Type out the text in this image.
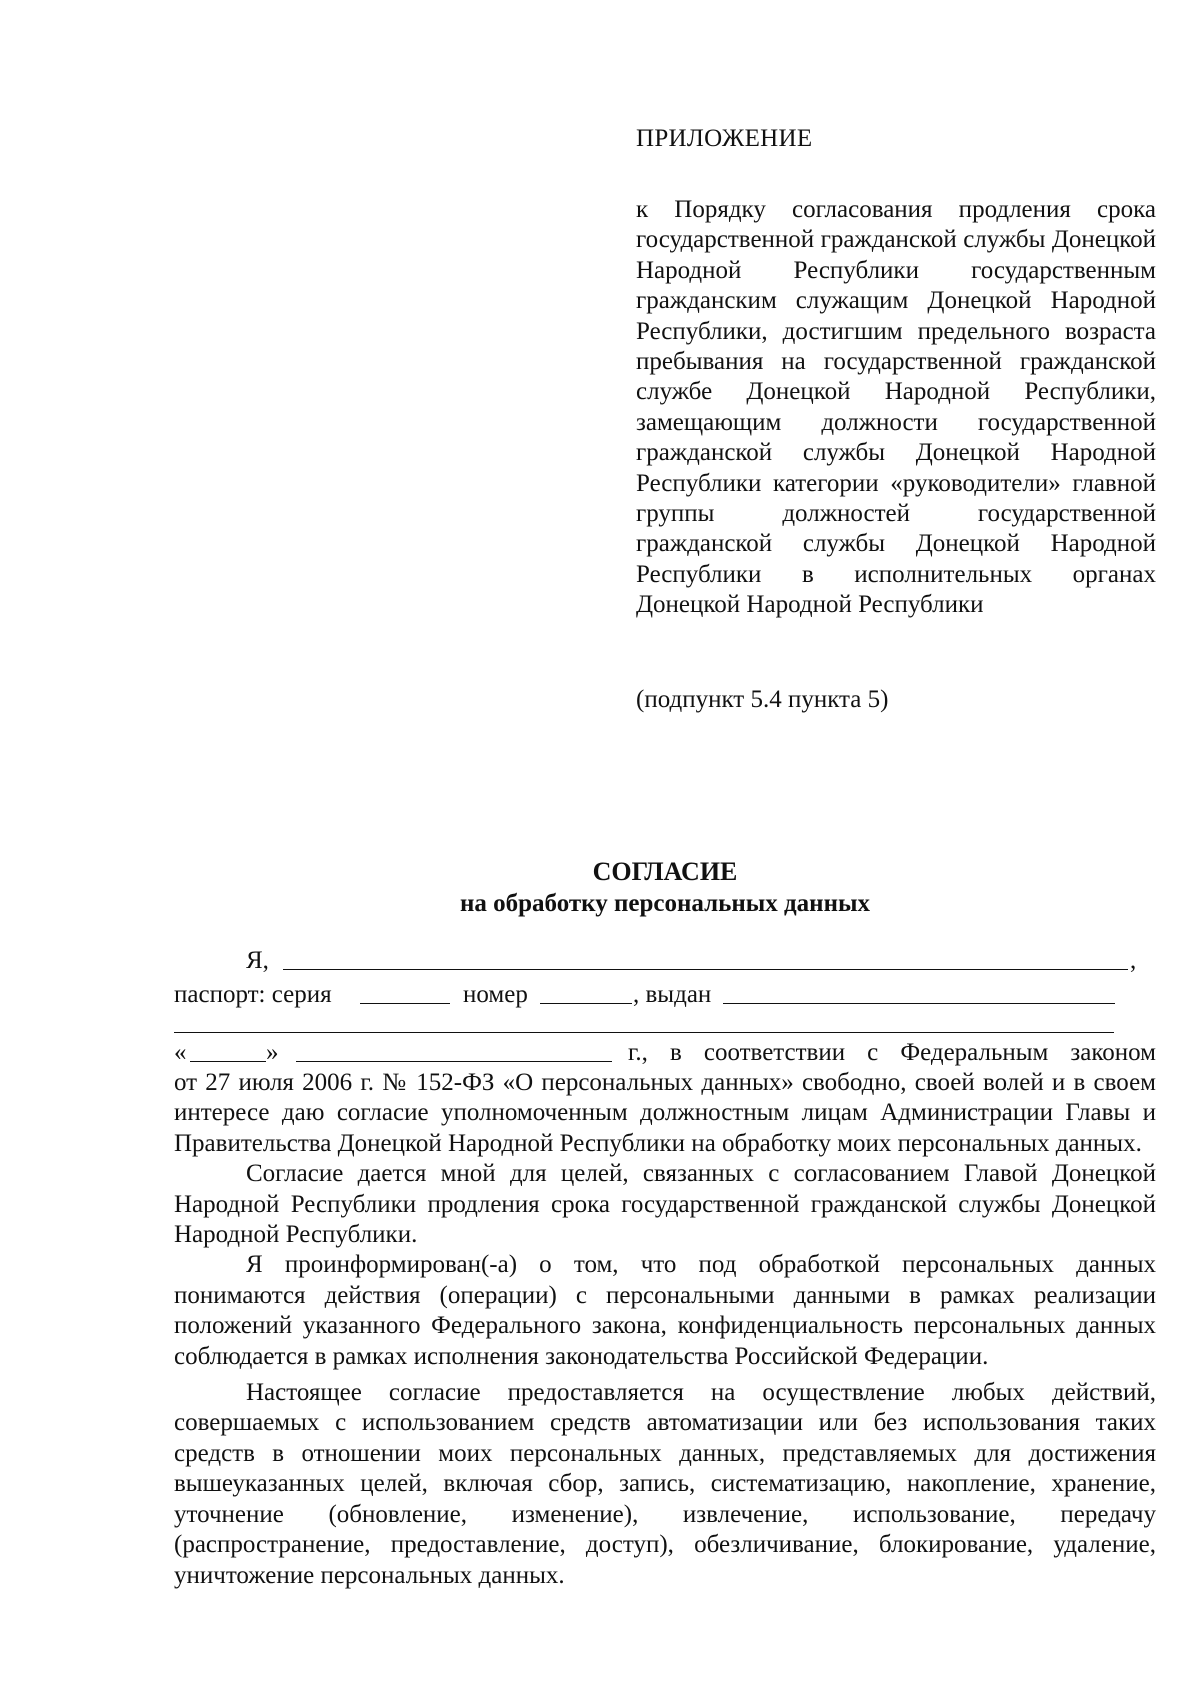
ПРИЛОЖЕНИЕ
к Порядку согласования продления срока государственной гражданской службы Донецкой Народной Республики государственным гражданским служащим Донецкой Народной Республики, достигшим предельного возраста пребывания на государственной гражданской службе Донецкой Народной Республики, замещающим должности государственной гражданской службы Донецкой Народной Республики категории «руководители» главной группы должностей государственной гражданской службы Донецкой Народной Республики в исполнительных органах Донецкой Народной Республики
(подпункт 5.4 пункта 5)
СОГЛАСИЕ
на обработку персональных данных
Я,	,
паспорт: серия	номер	, выдан
«	»	г., в соответствии с Федеральным законом

от 27 июля 2006 г. № 152-ФЗ «О персональных данных» свободно, своей волей и в своем интересе даю согласие уполномоченным должностным лицам Администрации Главы и Правительства Донецкой Народной Республики на обработку моих персональных данных.

Согласие дается мной для целей, связанных с согласованием Главой Донецкой Народной Республики продления срока государственной гражданской службы Донецкой Народной Республики.

Я проинформирован(-а) о том, что под обработкой персональных данных понимаются действия (операции) с персональными данными в рамках реализации положений указанного Федерального закона, конфиденциальность персональных данных соблюдается в рамках исполнения законодательства Российской Федерации.

Настоящее согласие предоставляется на осуществление любых действий, совершаемых с использованием средств автоматизации или без использования таких средств в отношении моих персональных данных, представляемых для достижения вышеуказанных целей, включая сбор, запись, систематизацию, накопление, хранение, уточнение (обновление, изменение), извлечение, использование, передачу (распространение, предоставление, доступ), обезличивание, блокирование, удаление, уничтожение персональных данных.
